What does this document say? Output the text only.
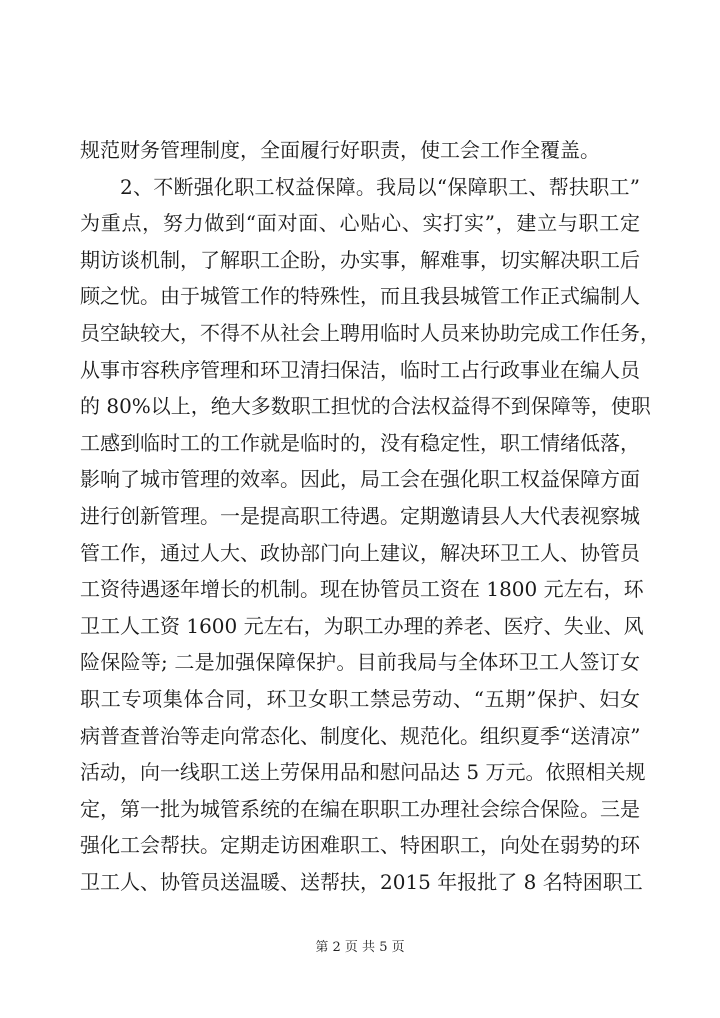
规范财务管理制度，全面履行好职责，使工会工作全覆盖。
2、不断强化职工权益保障。我局以“保障职工、帮扶职工”
为重点，努力做到“面对面、心贴心、实打实”，建立与职工定
期访谈机制，了解职工企盼，办实事，解难事，切实解决职工后
顾之忧。由于城管工作的特殊性，而且我县城管工作正式编制人
员空缺较大，不得不从社会上聘用临时人员来协助完成工作任务，
从事市容秩序管理和环卫清扫保洁，临时工占行政事业在编人员
的 80%以上，绝大多数职工担忧的合法权益得不到保障等，使职
工感到临时工的工作就是临时的，没有稳定性，职工情绪低落，
影响了城市管理的效率。因此，局工会在强化职工权益保障方面
进行创新管理。一是提高职工待遇。定期邀请县人大代表视察城
管工作，通过人大、政协部门向上建议，解决环卫工人、协管员
工资待遇逐年增长的机制。现在协管员工资在 1800 元左右，环
卫工人工资 1600 元左右，为职工办理的养老、医疗、失业、风
险保险等; 二是加强保障保护。目前我局与全体环卫工人签订女
职工专项集体合同，环卫女职工禁忌劳动、“五期”保护、妇女
病普查普治等走向常态化、制度化、规范化。组织夏季“送清凉”
活动，向一线职工送上劳保用品和慰问品达 5 万元。依照相关规
定，第一批为城管系统的在编在职职工办理社会综合保险。三是
强化工会帮扶。定期走访困难职工、特困职工，向处在弱势的环
卫工人、协管员送温暖、送帮扶，2015 年报批了 8 名特困职工
第 2 页 共 5 页
